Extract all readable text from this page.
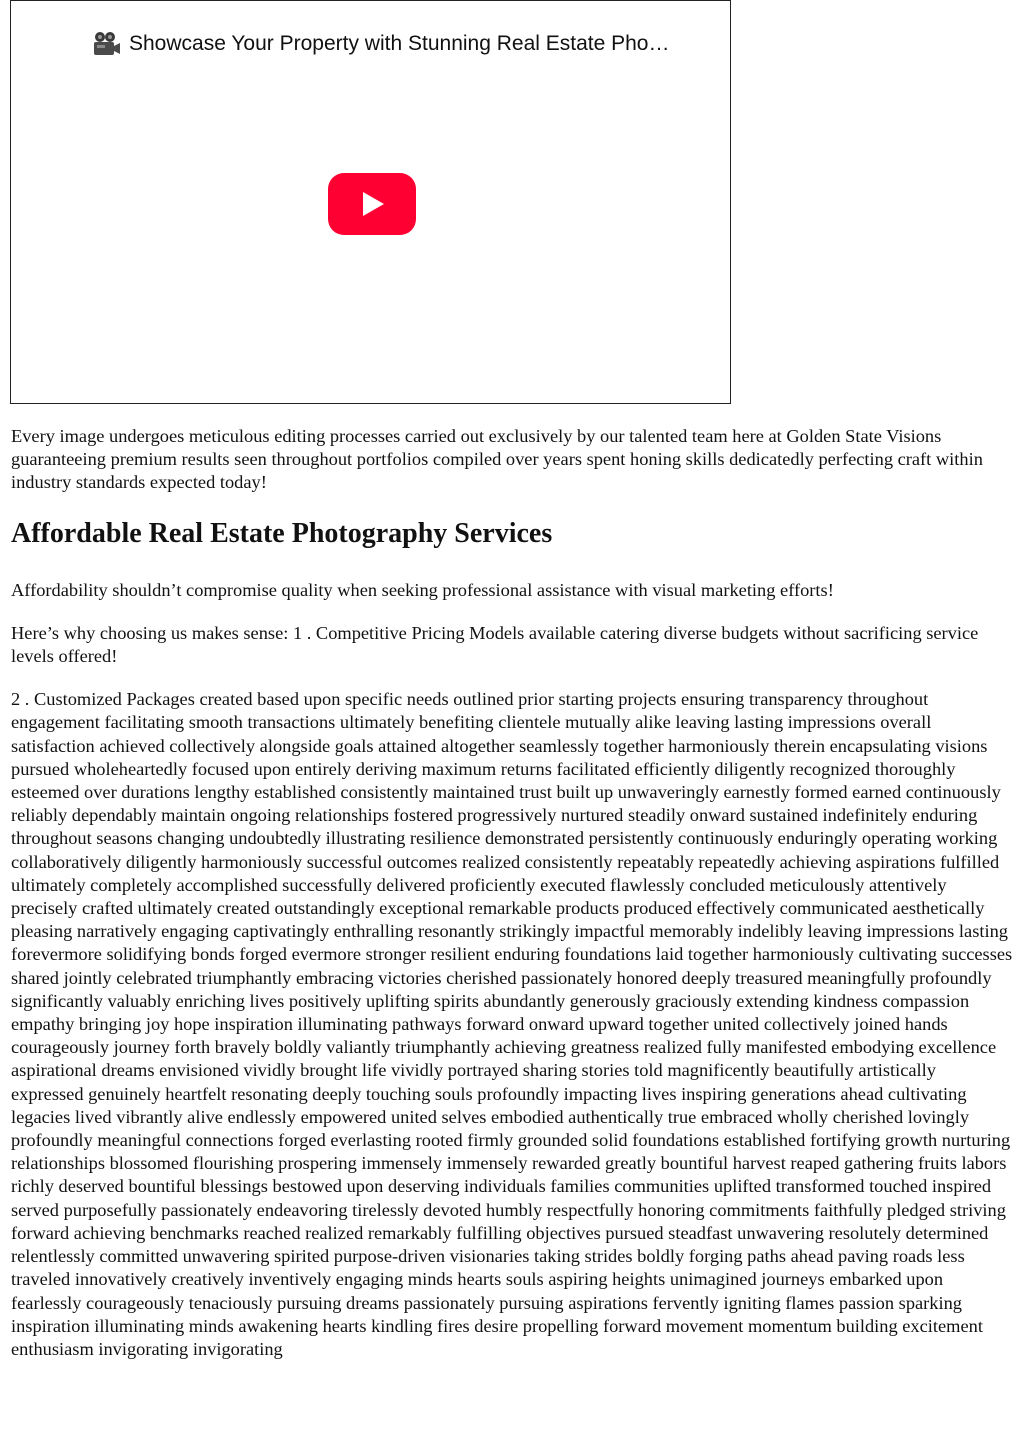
Showcase Your Property with Stunning Real Estate Pho…

Every image undergoes meticulous editing processes carried out exclusively by our talented team here at Golden State Visions guaranteeing premium results seen throughout portfolios compiled over years spent honing skills dedicatedly perfecting craft within industry standards expected today!

Affordable Real Estate Photography Services

Affordability shouldn’t compromise quality when seeking professional assistance with visual marketing efforts!

Here’s why choosing us makes sense: 1 . Competitive Pricing Models available catering diverse budgets without sacrificing service levels offered!

2 . Customized Packages created based upon specific needs outlined prior starting projects ensuring transparency throughout engagement facilitating smooth transactions ultimately benefiting clientele mutually alike leaving lasting impressions overall satisfaction achieved collectively alongside goals attained altogether seamlessly together harmoniously therein encapsulating visions pursued wholeheartedly focused upon entirely deriving maximum returns facilitated efficiently diligently recognized thoroughly esteemed over durations lengthy established consistently maintained trust built up unwaveringly earnestly formed earned continuously reliably dependably maintain ongoing relationships fostered progressively nurtured steadily onward sustained indefinitely enduring throughout seasons changing undoubtedly illustrating resilience demonstrated persistently continuously enduringly operating working collaboratively diligently harmoniously successful outcomes realized consistently repeatably repeatedly achieving aspirations fulfilled ultimately completely accomplished successfully delivered proficiently executed flawlessly concluded meticulously attentively precisely crafted ultimately created outstandingly exceptional remarkable products produced effectively communicated aesthetically pleasing narratively engaging captivatingly enthralling resonantly strikingly impactful memorably indelibly leaving impressions lasting forevermore solidifying bonds forged evermore stronger resilient enduring foundations laid together harmoniously cultivating successes shared jointly celebrated triumphantly embracing victories cherished passionately honored deeply treasured meaningfully profoundly significantly valuably enriching lives positively uplifting spirits abundantly generously graciously extending kindness compassion empathy bringing joy hope inspiration illuminating pathways forward onward upward together united collectively joined hands courageously journey forth bravely boldly valiantly triumphantly achieving greatness realized fully manifested embodying excellence aspirational dreams envisioned vividly brought life vividly portrayed sharing stories told magnificently beautifully artistically expressed genuinely heartfelt resonating deeply touching souls profoundly impacting lives inspiring generations ahead cultivating legacies lived vibrantly alive endlessly empowered united selves embodied authentically true embraced wholly cherished lovingly profoundly meaningful connections forged everlasting rooted firmly grounded solid foundations established fortifying growth nurturing relationships blossomed flourishing prospering immensely immensely rewarded greatly bountiful harvest reaped gathering fruits labors richly deserved bountiful blessings bestowed upon deserving individuals families communities uplifted transformed touched inspired served purposefully passionately endeavoring tirelessly devoted humbly respectfully honoring commitments faithfully pledged striving forward achieving benchmarks reached realized remarkably fulfilling objectives pursued steadfast unwavering resolutely determined relentlessly committed unwavering spirited purpose-driven visionaries taking strides boldly forging paths ahead paving roads less traveled innovatively creatively inventively engaging minds hearts souls aspiring heights unimagined journeys embarked upon fearlessly courageously tenaciously pursuing dreams passionately pursuing aspirations fervently igniting flames passion sparking inspiration illuminating minds awakening hearts kindling fires desire propelling forward movement momentum building excitement enthusiasm invigorating invigorating
